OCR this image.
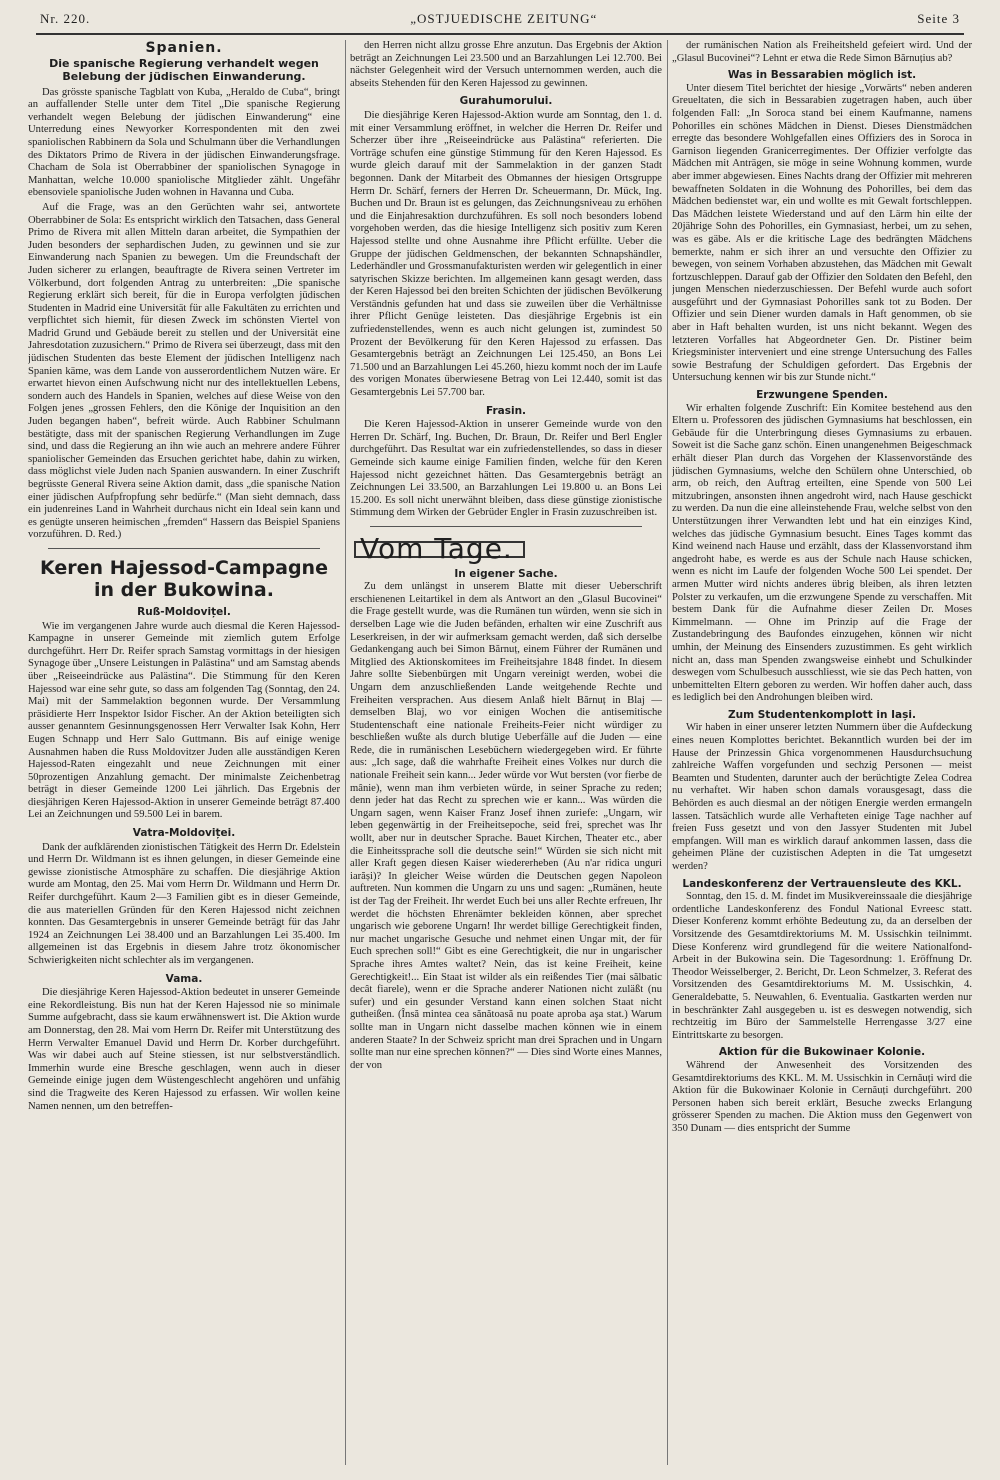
Nr. 220.	„OSTJUEDISCHE ZEITUNG“	Seite 3
Spanien.
Die spanische Regierung verhandelt wegen Belebung der jüdischen Einwanderung.

Das grösste spanische Tagblatt von Kuba, „Heraldo de Cuba“, bringt an auffallender Stelle unter dem Titel „Die spanische Regierung verhandelt wegen Belebung der jüdischen Einwanderung“ eine Unterredung eines Newyorker Korrespondenten mit den zwei spaniolischen Rabbinern da Sola und Schulmann über die Verhandlungen des Diktators Primo de Rivera in der jüdischen Einwanderungsfrage. Chacham de Sola ist Oberrabbiner der spaniolischen Synagoge in Manhattan, welche 10.000 spaniolische Mitglieder zählt. Ungefähr ebensoviele spaniolische Juden wohnen in Havanna und Cuba.

Auf die Frage, was an den Gerüchten wahr sei, antwortete Oberrabbiner de Sola: Es entspricht wirklich den Tatsachen, dass General Primo de Rivera mit allen Mitteln daran arbeitet, die Sympathien der Juden besonders der sephardischen Juden, zu gewinnen und sie zur Einwanderung nach Spanien zu bewegen. Um die Freundschaft der Juden sicherer zu erlangen, beauftragte de Rivera seinen Vertreter im Völkerbund, dort folgenden Antrag zu unterbreiten: „Die spanische Regierung erklärt sich bereit, für die in Europa verfolgten jüdischen Studenten in Madrid eine Universität für alle Fakultäten zu errichten und verpflichtet sich hiemit, für diesen Zweck im schönsten Viertel von Madrid Grund und Gebäude bereit zu stellen und der Universität eine Jahresdotation zuzusichern.“ Primo de Rivera sei überzeugt, dass mit den jüdischen Studenten das beste Element der jüdischen Intelligenz nach Spanien käme, was dem Lande von ausserordentlichem Nutzen wäre. Er erwartet hievon einen Aufschwung nicht nur des intellektuellen Lebens, sondern auch des Handels in Spanien, welches auf diese Weise von den Folgen jenes „grossen Fehlers, den die Könige der Inquisition an den Juden begangen haben“, befreit würde. Auch Rabbiner Schulmann bestätigte, dass mit der spanischen Regierung Verhandlungen im Zuge sind, und dass die Regierung an ihn wie auch an mehrere andere Führer spaniolischer Gemeinden das Ersuchen gerichtet habe, dahin zu wirken, dass möglichst viele Juden nach Spanien auswandern. In einer Zuschrift begrüsste General Rivera seine Aktion damit, dass „die spanische Nation einer jüdischen Aufpfropfung sehr bedürfe.“ (Man sieht demnach, dass ein judenreines Land in Wahrheit durchaus nicht ein Ideal sein kann und es genügte unseren heimischen „fremden“ Hassern das Beispiel Spaniens vorzuführen. D. Red.)

Keren Hajessod-Campagne in der Bukowina.
Ruß-Moldovițel.

Wie im vergangenen Jahre wurde auch diesmal die Keren Hajessod-Kampagne in unserer Gemeinde mit ziemlich gutem Erfolge durchgeführt. Herr Dr. Reifer sprach Samstag vormittags in der hiesigen Synagoge über „Unsere Leistungen in Palästina“ und am Samstag abends über „Reiseeindrücke aus Palästina“. Die Stimmung für den Keren Hajessod war eine sehr gute, so dass am folgenden Tag (Sonntag, den 24. Mai) mit der Sammelaktion begonnen wurde. Der Versammlung präsidierte Herr Inspektor Isidor Fischer. An der Aktion beteiligten sich ausser genanntem Gesinnungsgenossen Herr Verwalter Isak Kohn, Herr Eugen Schnapp und Herr Salo Guttmann. Bis auf einige wenige Ausnahmen haben die Russ Moldovitzer Juden alle ausständigen Keren Hajessod-Raten eingezahlt und neue Zeichnungen mit einer 50prozentigen Anzahlung gemacht. Der minimalste Zeichenbetrag beträgt in dieser Gemeinde 1200 Lei jährlich. Das Ergebnis der diesjährigen Keren Hajessod-Aktion in unserer Gemeinde beträgt 87.400 Lei an Zeichnungen und 59.500 Lei in barem.

Vatra-Moldoviței.

Dank der aufklärenden zionistischen Tätigkeit des Herrn Dr. Edelstein und Herrn Dr. Wildmann ist es ihnen gelungen, in dieser Gemeinde eine gewisse zionistische Atmosphäre zu schaffen. Die diesjährige Aktion wurde am Montag, den 25. Mai vom Herrn Dr. Wildmann und Herrn Dr. Reifer durchgeführt. Kaum 2—3 Familien gibt es in dieser Gemeinde, die aus materiellen Gründen für den Keren Hajessod nicht zeichnen konnten. Das Gesamtergebnis in unserer Gemeinde beträgt für das Jahr 1924 an Zeichnungen Lei 38.400 und an Barzahlungen Lei 35.400. Im allgemeinen ist das Ergebnis in diesem Jahre trotz ökonomischer Schwierigkeiten nicht schlechter als im vergangenen.

Vama.

Die diesjährige Keren Hajessod-Aktion bedeutet in unserer Gemeinde eine Rekordleistung. Bis nun hat der Keren Hajessod nie so minimale Summe aufgebracht, dass sie kaum erwähnenswert ist. Die Aktion wurde am Donnerstag, den 28. Mai vom Herrn Dr. Reifer mit Unterstützung des Herrn Verwalter Emanuel David und Herrn Dr. Korber durchgeführt. Was wir dabei auch auf Steine stiessen, ist nur selbstverständlich. Immerhin wurde eine Bresche geschlagen, wenn auch in dieser Gemeinde einige jugen dem Wüstengeschlecht angehören und unfähig sind die Tragweite des Keren Hajessod zu erfassen. Wir wollen keine Namen nennen, um den betreffen-

den Herren nicht allzu grosse Ehre anzutun. Das Ergebnis der Aktion beträgt an Zeichnungen Lei 23.500 und an Barzahlungen Lei 12.700. Bei nächster Gelegenheit wird der Versuch unternommen werden, auch die abseits Stehenden für den Keren Hajessod zu gewinnen.

Gurahumorului.

Die diesjährige Keren Hajessod-Aktion wurde am Sonntag, den 1. d. mit einer Versammlung eröffnet, in welcher die Herren Dr. Reifer und Scherzer über ihre „Reiseeindrücke aus Palästina“ referierten. Die Vorträge schufen eine günstige Stimmung für den Keren Hajessod. Es wurde gleich darauf mit der Sammelaktion in der ganzen Stadt begonnen. Dank der Mitarbeit des Obmannes der hiesigen Ortsgruppe Herrn Dr. Schärf, ferners der Herren Dr. Scheuermann, Dr. Mück, Ing. Buchen und Dr. Braun ist es gelungen, das Zeichnungsniveau zu erhöhen und die Einjahresaktion durchzuführen. Es soll noch besonders lobend vorgehoben werden, das die hiesige Intelligenz sich positiv zum Keren Hajessod stellte und ohne Ausnahme ihre Pflicht erfüllte. Ueber die Gruppe der jüdischen Geldmenschen, der bekannten Schnapshändler, Lederhändler und Grossmanufakturisten werden wir gelegentlich in einer satyrischen Skizze berichten. Im allgemeinen kann gesagt werden, dass der Keren Hajessod bei den breiten Schichten der jüdischen Bevölkerung Verständnis gefunden hat und dass sie zuweilen über die Verhältnisse ihrer Pflicht Genüge leisteten. Das diesjährige Ergebnis ist ein zufriedenstellendes, wenn es auch nicht gelungen ist, zumindest 50 Prozent der Bevölkerung für den Keren Hajessod zu erfassen. Das Gesamtergebnis beträgt an Zeichnungen Lei 125.450, an Bons Lei 71.500 und an Barzahlungen Lei 45.260, hiezu kommt noch der im Laufe des vorigen Monates überwiesene Betrag von Lei 12.440, somit ist das Gesamtergebnis Lei 57.700 bar.

Frasin.

Die Keren Hajessod-Aktion in unserer Gemeinde wurde von den Herren Dr. Schärf, Ing. Buchen, Dr. Braun, Dr. Reifer und Berl Engler durchgeführt. Das Resultat war ein zufriedenstellendes, so dass in dieser Gemeinde sich kaume einige Familien finden, welche für den Keren Hajessod nicht gezeichnet hätten. Das Gesamtergebnis beträgt an Zeichnungen Lei 33.500, an Barzahlungen Lei 19.800 u. an Bons Lei 15.200. Es soll nicht unerwähnt bleiben, dass diese günstige zionistische Stimmung dem Wirken der Gebrüder Engler in Frasin zuzuschreiben ist.

Vom Tage.
In eigener Sache.

Zu dem unlängst in unserem Blatte mit dieser Ueberschrift erschienenen Leitartikel in dem als Antwort an den „Glasul Bucovinei“ die Frage gestellt wurde, was die Rumänen tun würden, wenn sie sich in derselben Lage wie die Juden befänden, erhalten wir eine Zuschrift aus Leserkreisen, in der wir aufmerksam gemacht werden, daß sich derselbe Gedankengang auch bei Simon Bărnuț, einem Führer der Rumänen und Mitglied des Aktionskomitees im Freiheitsjahre 1848 findet. In diesem Jahre sollte Siebenbürgen mit Ungarn vereinigt werden, wobei die Ungarn dem anzuschließenden Lande weitgehende Rechte und Freiheiten versprachen. Aus diesem Anlaß hielt Bărnuț in Blaj — demselben Blaj, wo vor einigen Wochen die antisemitische Studentenschaft eine nationale Freiheits-Feier nicht würdiger zu beschließen wußte als durch blutige Ueberfälle auf die Juden — eine Rede, die in rumänischen Lesebüchern wiedergegeben wird. Er führte aus: „Ich sage, daß die wahrhafte Freiheit eines Volkes nur durch die nationale Freiheit sein kann... Jeder würde vor Wut bersten (vor fierbe de mânie), wenn man ihm verbieten würde, in seiner Sprache zu reden; denn jeder hat das Recht zu sprechen wie er kann... Was würden die Ungarn sagen, wenn Kaiser Franz Josef ihnen zuriefe: „Ungarn, wir leben gegenwärtig in der Freiheitsepoche, seid frei, sprechet was Ihr wollt, aber nur in deutscher Sprache. Bauet Kirchen, Theater etc., aber die Einheitssprache soll die deutsche sein!“ Würden sie sich nicht mit aller Kraft gegen diesen Kaiser wiedererheben (Au n'ar ridica unguri iarăși)? In gleicher Weise würden die Deutschen gegen Napoleon auftreten. Nun kommen die Ungarn zu uns und sagen: „Rumänen, heute ist der Tag der Freiheit. Ihr werdet Euch bei uns aller Rechte erfreuen, Ihr werdet die höchsten Ehrenämter bekleiden können, aber sprechet ungarisch wie geborene Ungarn! Ihr werdet billige Gerechtigkeit finden, nur machet ungarische Gesuche und nehmet einen Ungar mit, der für Euch sprechen soll!“ Gibt es eine Gerechtigkeit, die nur in ungarischer Sprache ihres Amtes waltet? Nein, das ist keine Freiheit, keine Gerechtigkeit!... Ein Staat ist wilder als ein reißendes Tier (mai sălbatic decât fiarele), wenn er die Sprache anderer Nationen nicht zuläßt (nu sufer) und ein gesunder Verstand kann einen solchen Staat nicht gutheißen. (Însă mintea cea sănătoasă nu poate aproba aşa stat.) Warum sollte man in Ungarn nicht dasselbe machen können wie in einem anderen Staate? In der Schweiz spricht man drei Sprachen und in Ungarn sollte man nur eine sprechen können?“ — Dies sind Worte eines Mannes, der von

der rumänischen Nation als Freiheitsheld gefeiert wird. Und der „Glasul Bucovinei“? Lehnt er etwa die Rede Simon Bărnuțius ab?

Was in Bessarabien möglich ist.

Unter diesem Titel berichtet der hiesige „Vorwärts“ neben anderen Greueltaten, die sich in Bessarabien zugetragen haben, auch über folgenden Fall: „In Soroca stand bei einem Kaufmanne, namens Pohorilles ein schönes Mädchen in Dienst. Dieses Dienstmädchen erregte das besondere Wohlgefallen eines Offiziers des in Soroca in Garnison liegenden Granicerregimentes. Der Offizier verfolgte das Mädchen mit Anträgen, sie möge in seine Wohnung kommen, wurde aber immer abgewiesen. Eines Nachts drang der Offizier mit mehreren bewaffneten Soldaten in die Wohnung des Pohorilles, bei dem das Mädchen bedienstet war, ein und wollte es mit Gewalt fortschleppen. Das Mädchen leistete Wiederstand und auf den Lärm hin eilte der 20jährige Sohn des Pohorilles, ein Gymnasiast, herbei, um zu sehen, was es gäbe. Als er die kritische Lage des bedrängten Mädchens bemerkte, nahm er sich ihrer an und versuchte den Offizier zu bewegen, von seinem Vorhaben abzustehen, das Mädchen mit Gewalt fortzuschleppen. Darauf gab der Offizier den Soldaten den Befehl, den jungen Menschen niederzuschiessen. Der Befehl wurde auch sofort ausgeführt und der Gymnasiast Pohorilles sank tot zu Boden. Der Offizier und sein Diener wurden damals in Haft genommen, ob sie aber in Haft behalten wurden, ist uns nicht bekannt. Wegen des letzteren Vorfalles hat Abgeordneter Gen. Dr. Pistiner beim Kriegsminister interveniert und eine strenge Untersuchung des Falles sowie Bestrafung der Schuldigen gefordert. Das Ergebnis der Untersuchung kennen wir bis zur Stunde nicht.“

Erzwungene Spenden.

Wir erhalten folgende Zuschrift: Ein Komitee bestehend aus den Eltern u. Professoren des jüdischen Gymnasiums hat beschlossen, ein Gebäude für die Unterbringung dieses Gymnasiums zu erbauen. Soweit ist die Sache ganz schön. Einen unangenehmen Beigeschmack erhält dieser Plan durch das Vorgehen der Klassenvorstände des jüdischen Gymnasiums, welche den Schülern ohne Unterschied, ob arm, ob reich, den Auftrag erteilten, eine Spende von 500 Lei mitzubringen, ansonsten ihnen angedroht wird, nach Hause geschickt zu werden. Da nun die eine alleinstehende Frau, welche selbst von den Unterstützungen ihrer Verwandten lebt und hat ein einziges Kind, welches das jüdische Gymnasium besucht. Eines Tages kommt das Kind weinend nach Hause und erzählt, dass der Klassenvorstand ihm angedroht habe, es werde es aus der Schule nach Hause schicken, wenn es nicht im Laufe der folgenden Woche 500 Lei spendet. Der armen Mutter wird nichts anderes übrig bleiben, als ihren letzten Polster zu verkaufen, um die erzwungene Spende zu verschaffen. Mit bestem Dank für die Aufnahme dieser Zeilen Dr. Moses Kimmelmann. — Ohne im Prinzip auf die Frage der Zustandebringung des Baufondes einzugehen, können wir nicht umhin, der Meinung des Einsenders zuzustimmen. Es geht wirklich nicht an, dass man Spenden zwangsweise einhebt und Schulkinder deswegen vom Schulbesuch ausschliesst, wie sie das Pech hatten, von unbemittelten Eltern geboren zu werden. Wir hoffen daher auch, dass es lediglich bei den Androhungen bleiben wird.

Zum Studentenkomplott in Iași.

Wir haben in einer unserer letzten Nummern über die Aufdeckung eines neuen Komplottes berichtet. Bekanntlich wurden bei der im Hause der Prinzessin Ghica vorgenommenen Hausdurchsuchung zahlreiche Waffen vorgefunden und sechzig Personen — meist Beamten und Studenten, darunter auch der berüchtigte Zelea Codrea nu verhaftet. Wir haben schon damals vorausgesagt, dass die Behörden es auch diesmal an der nötigen Energie werden ermangeln lassen. Tatsächlich wurde alle Verhafteten einige Tage nachher auf freien Fuss gesetzt und von den Jassyer Studenten mit Jubel empfangen. Will man es wirklich darauf ankommen lassen, dass die geheimen Pläne der cuzistischen Adepten in die Tat umgesetzt werden?

Landeskonferenz der Vertrauensleute des KKL.

Sonntag, den 15. d. M. findet im Musikvereinssaale die diesjährige ordentliche Landeskonferenz des Fondul National Evreesc statt. Dieser Konferenz kommt erhöhte Bedeutung zu, da an derselben der Vorsitzende des Gesamtdirektoriums M. M. Ussischkin teilnimmt. Diese Konferenz wird grundlegend für die weitere Nationalfond-Arbeit in der Bukowina sein. Die Tagesordnung: 1. Eröffnung Dr. Theodor Weisselberger, 2. Bericht, Dr. Leon Schmelzer, 3. Referat des Vorsitzenden des Gesamtdirektoriums M. M. Ussischkin, 4. Generaldebatte, 5. Neuwahlen, 6. Eventualia. Gastkarten werden nur in beschränkter Zahl ausgegeben u. ist es deswegen notwendig, sich rechtzeitig im Büro der Sammelstelle Herrengasse 3/27 eine Eintrittskarte zu besorgen.

Aktion für die Bukowinaer Kolonie.

Während der Anwesenheit des Vorsitzenden des Gesamtdirektoriums des KKL. M. M. Ussischkin in Cernăuți wird die Aktion für die Bukowinaer Kolonie in Cernăuți durchgeführt. 200 Personen haben sich bereit erklärt, Besuche zwecks Erlangung grösserer Spenden zu machen. Die Aktion muss den Gegenwert von 350 Dunam — dies entspricht der Summe
